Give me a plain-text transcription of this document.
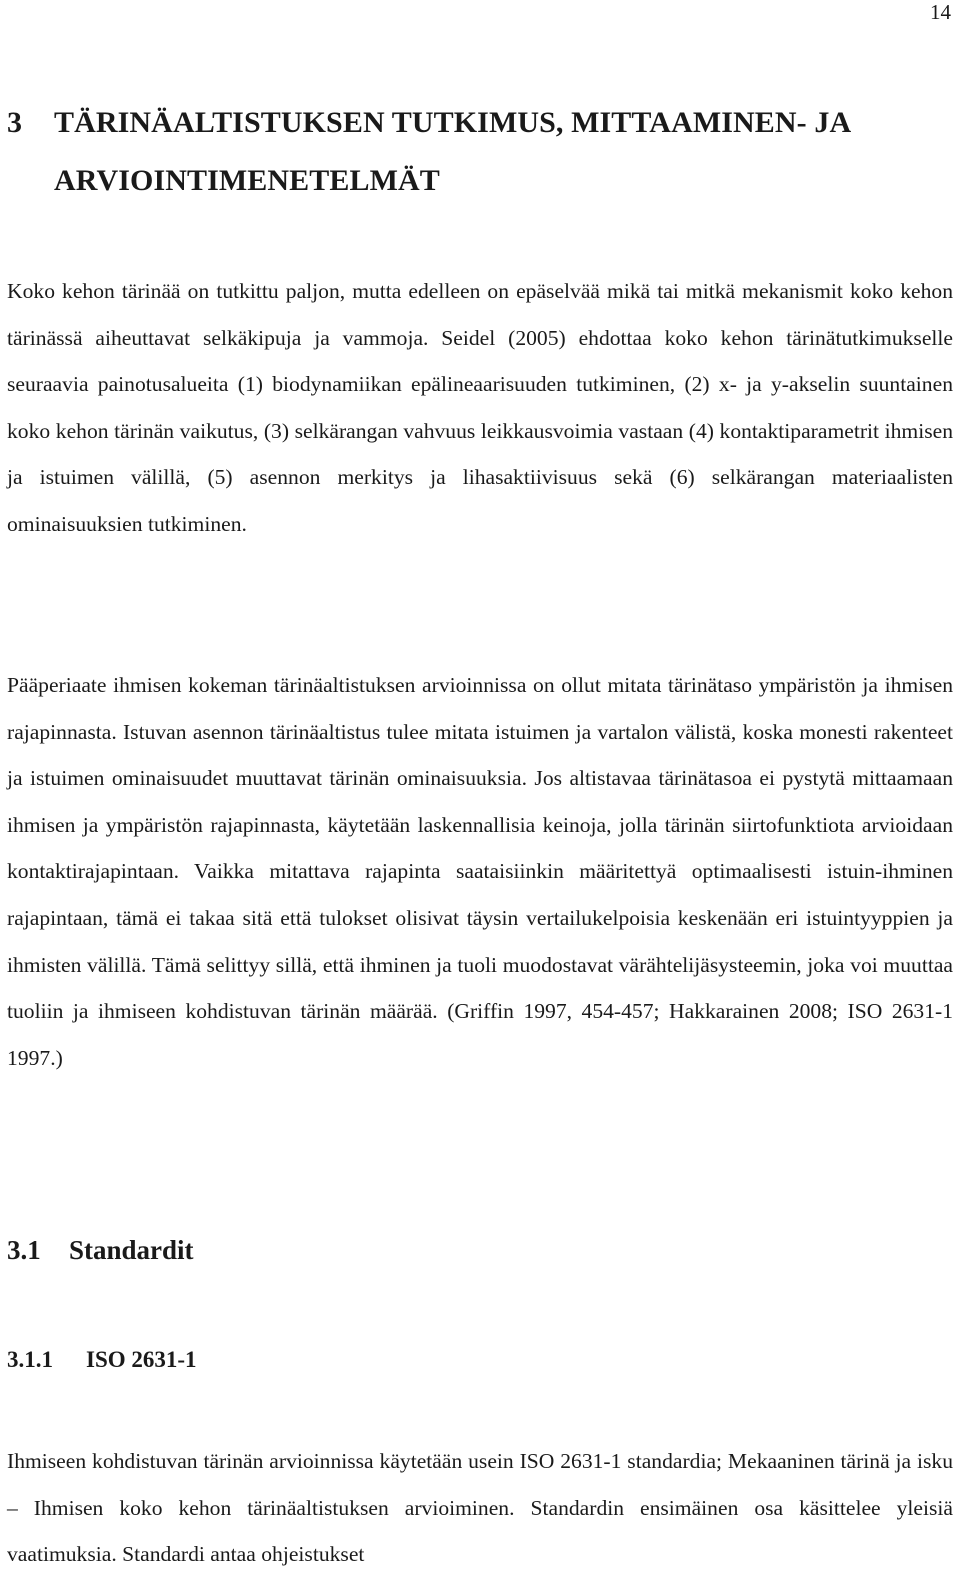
14
3	TÄRINÄALTISTUKSEN TUTKIMUS, MITTAAMINEN- JA ARVIOINTIMENETELMÄT

Koko kehon tärinää on tutkittu paljon, mutta edelleen on epäselvää mikä tai mitkä mekanismit koko kehon tärinässä aiheuttavat selkäkipuja ja vammoja. Seidel (2005) ehdottaa koko kehon tärinätutkimukselle seuraavia painotusalueita (1) biodynamiikan epälineaarisuuden tutkiminen, (2) x- ja y-akselin suuntainen koko kehon tärinän vaikutus, (3) selkärangan vahvuus leikkausvoimia vastaan (4) kontaktiparametrit ihmisen ja istuimen välillä, (5) asennon merkitys ja lihasaktiivisuus sekä (6) selkärangan materiaalisten ominaisuuksien tutkiminen.

Pääperiaate ihmisen kokeman tärinäaltistuksen arvioinnissa on ollut mitata tärinätaso ympäristön ja ihmisen rajapinnasta. Istuvan asennon tärinäaltistus tulee mitata istuimen ja vartalon välistä, koska monesti rakenteet ja istuimen ominaisuudet muuttavat tärinän ominaisuuksia. Jos altistavaa tärinätasoa ei pystytä mittaamaan ihmisen ja ympäristön rajapinnasta, käytetään laskennallisia keinoja, jolla tärinän siirtofunktiota arvioidaan kontaktirajapintaan. Vaikka mitattava rajapinta saataisiinkin määritettyä optimaalisesti istuin-ihminen rajapintaan, tämä ei takaa sitä että tulokset olisivat täysin vertailukelpoisia keskenään eri istuintyyppien ja ihmisten välillä. Tämä selittyy sillä, että ihminen ja tuoli muodostavat värähtelijäsysteemin, joka voi muuttaa tuoliin ja ihmiseen kohdistuvan tärinän määrää. (Griffin 1997, 454-457; Hakkarainen 2008; ISO 2631-1 1997.)

3.1	Standardit
3.1.1	ISO 2631-1

Ihmiseen kohdistuvan tärinän arvioinnissa käytetään usein ISO 2631-1 standardia; Mekaaninen tärinä ja isku – Ihmisen koko kehon tärinäaltistuksen arvioiminen. Standardin ensimäinen osa käsittelee yleisiä vaatimuksia. Standardi antaa ohjeistukset
